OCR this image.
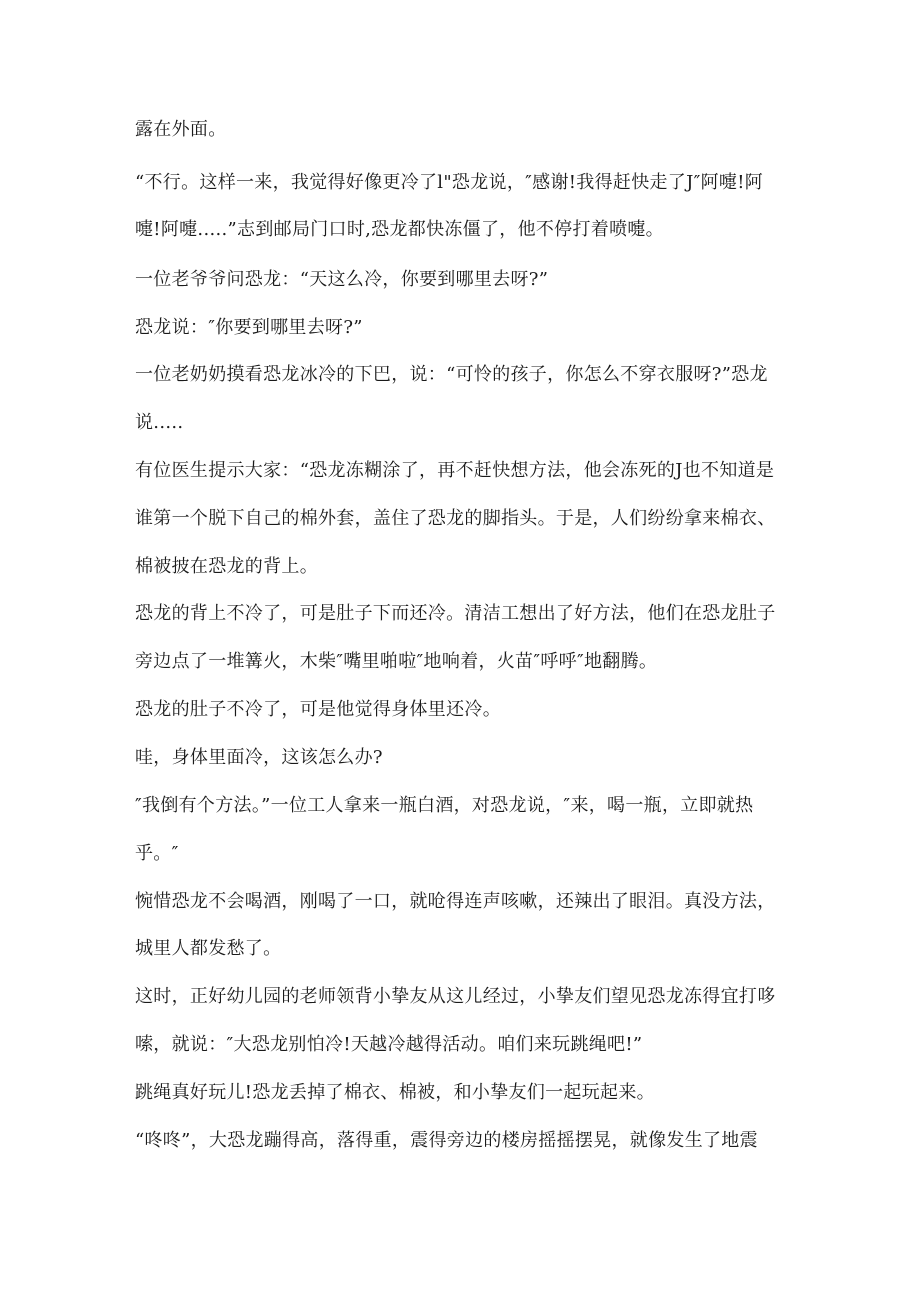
露在外面。
“不行。这样一来，我觉得好像更冷了l"恐龙说，″感谢!我得赶快走了J″阿嚏!阿
嚏!阿嚏.....”志到邮局门口时,恐龙都快冻僵了，他不停打着喷嚏。
一位老爷爷问恐龙：“天这么冷，你要到哪里去呀?”
恐龙说：″你要到哪里去呀?”
一位老奶奶摸看恐龙冰冷的下巴，说：“可怜的孩子，你怎么不穿衣服呀?”恐龙
说.....
有位医生提示大家：“恐龙冻糊涂了，再不赶快想方法，他会冻死的J也不知道是
谁第一个脱下自己的棉外套，盖住了恐龙的脚指头。于是，人们纷纷拿来棉衣、
棉被披在恐龙的背上。
恐龙的背上不冷了，可是肚子下而还冷。清洁工想出了好方法，他们在恐龙肚子
旁边点了一堆篝火，木柴″嘴里啪啦″地响着，火苗″呼呼″地翻腾。
恐龙的肚子不冷了，可是他觉得身体里还冷。
哇，身体里面冷，这该怎么办?
″我倒有个方法。”一位工人拿来一瓶白酒，对恐龙说，″来，喝一瓶，立即就热
乎。″
惋惜恐龙不会喝酒，刚喝了一口，就呛得连声咳嗽，还辣出了眼泪。真没方法，
城里人都发愁了。
这时，正好幼儿园的老师领背小挚友从这儿经过，小挚友们望见恐龙冻得宜打哆
嗦，就说：″大恐龙别怕冷!天越冷越得活动。咱们来玩跳绳吧!”
跳绳真好玩儿!恐龙丢掉了棉衣、棉被，和小挚友们一起玩起来。
“咚咚”，大恐龙蹦得高，落得重，震得旁边的楼房摇摇摆晃，就像发生了地震
